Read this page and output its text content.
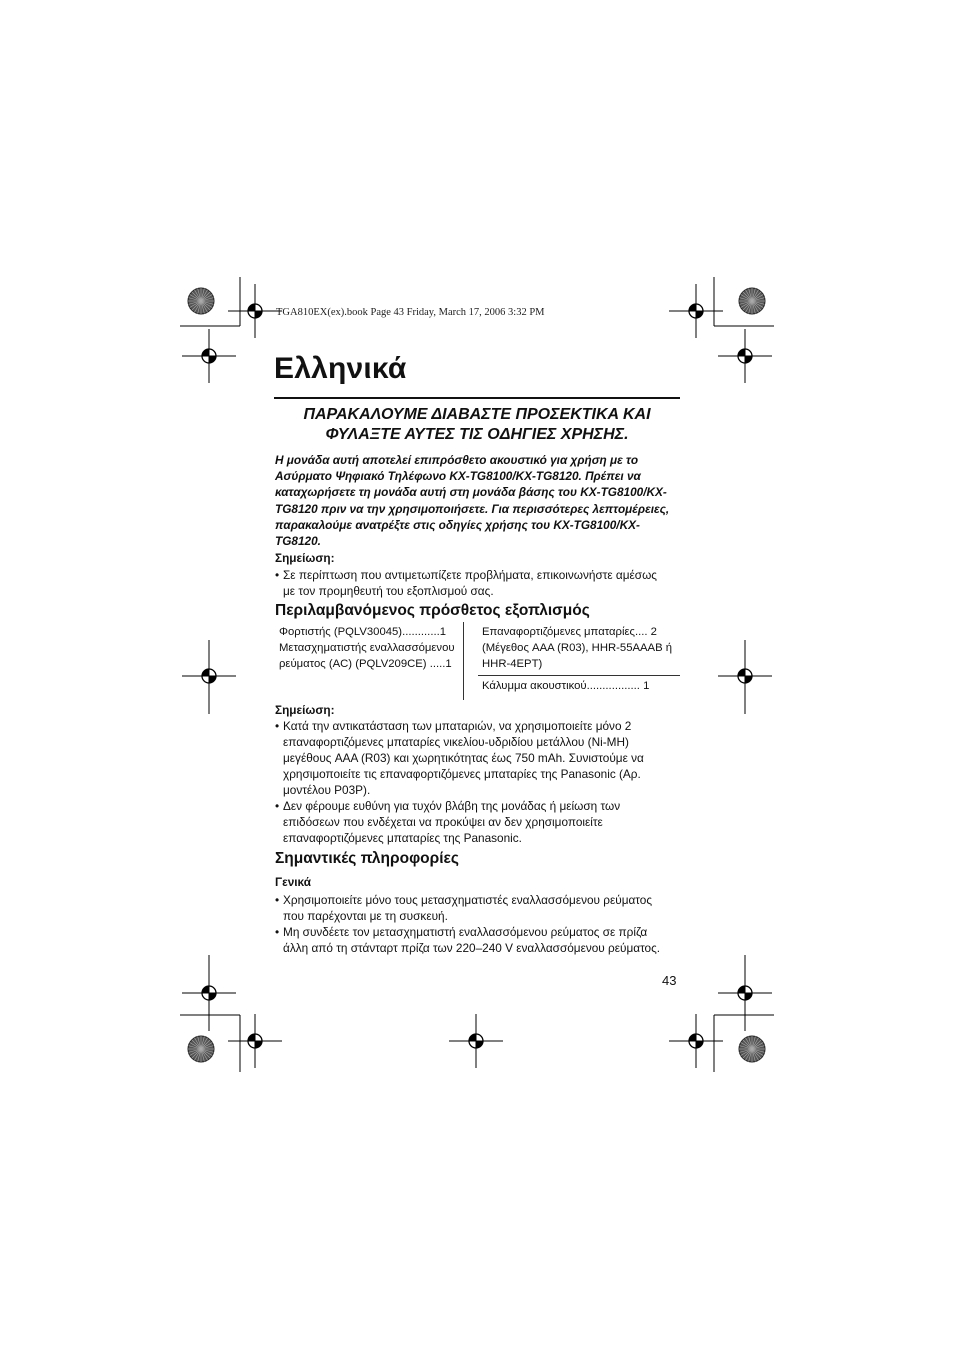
TGA810EX(ex).book Page 43 Friday, March 17, 2006 3:32 PM
Ελληνικά
ΠΑΡΑΚΑΛΟΥΜΕ ΔΙΑΒΑΣΤΕ ΠΡΟΣΕΚΤΙΚΑ ΚΑΙ
ΦΥΛΑΞΤΕ ΑΥΤΕΣ ΤΙΣ ΟΔΗΓΙΕΣ ΧΡΗΣΗΣ.
Η μονάδα αυτή αποτελεί επιπρόσθετο ακουστικό για χρήση με το
Ασύρματο Ψηφιακό Τηλέφωνο KX-TG8100/KX-TG8120. Πρέπει να
καταχωρήσετε τη μονάδα αυτή στη μονάδα βάσης του KX-TG8100/KX-
TG8120 πριν να την χρησιμοποιήσετε. Για περισσότερες λεπτομέρειες,
παρακαλούμε ανατρέξτε στις οδηγίες χρήσης του KX-TG8100/KX-
TG8120.
Σημείωση:
• Σε περίπτωση που αντιμετωπίζετε προβλήματα, επικοινωνήστε αμέσως
με τον προμηθευτή του εξοπλισμού σας.
Περιλαμβανόμενος πρόσθετος εξοπλισμός
Φορτιστής (PQLV30045)............1
Μετασχηματιστής εναλλασσόμενου
ρεύματος (AC) (PQLV209CE) .....1
Επαναφορτιζόμενες μπαταρίες.... 2
(Μέγεθος AAA (R03), HHR-55AAAB ή
HHR-4EPT)
Κάλυμμα ακουστικού................. 1
Σημείωση:
• Κατά την αντικατάσταση των μπαταριών, να χρησιμοποιείτε μόνο 2
επαναφορτιζόμενες μπαταρίες νικελίου-υδριδίου μετάλλου (Ni-MH)
μεγέθους AAA (R03) και χωρητικότητας έως 750 mAh. Συνιστούμε να
χρησιμοποιείτε τις επαναφορτιζόμενες μπαταρίες της Panasonic (Αρ.
μοντέλου P03P).
• Δεν φέρουμε ευθύνη για τυχόν βλάβη της μονάδας ή μείωση των
επιδόσεων που ενδέχεται να προκύψει αν δεν χρησιμοποιείτε
επαναφορτιζόμενες μπαταρίες της Panasonic.
Σημαντικές πληροφορίες
Γενικά
• Χρησιμοποιείτε μόνο τους μετασχηματιστές εναλλασσόμενου ρεύματος
που παρέχονται με τη συσκευή.
• Μη συνδέετε τον μετασχηματιστή εναλλασσόμενου ρεύματος σε πρίζα
άλλη από τη στάνταρτ πρίζα των 220–240 V εναλλασσόμενου ρεύματος.
43
